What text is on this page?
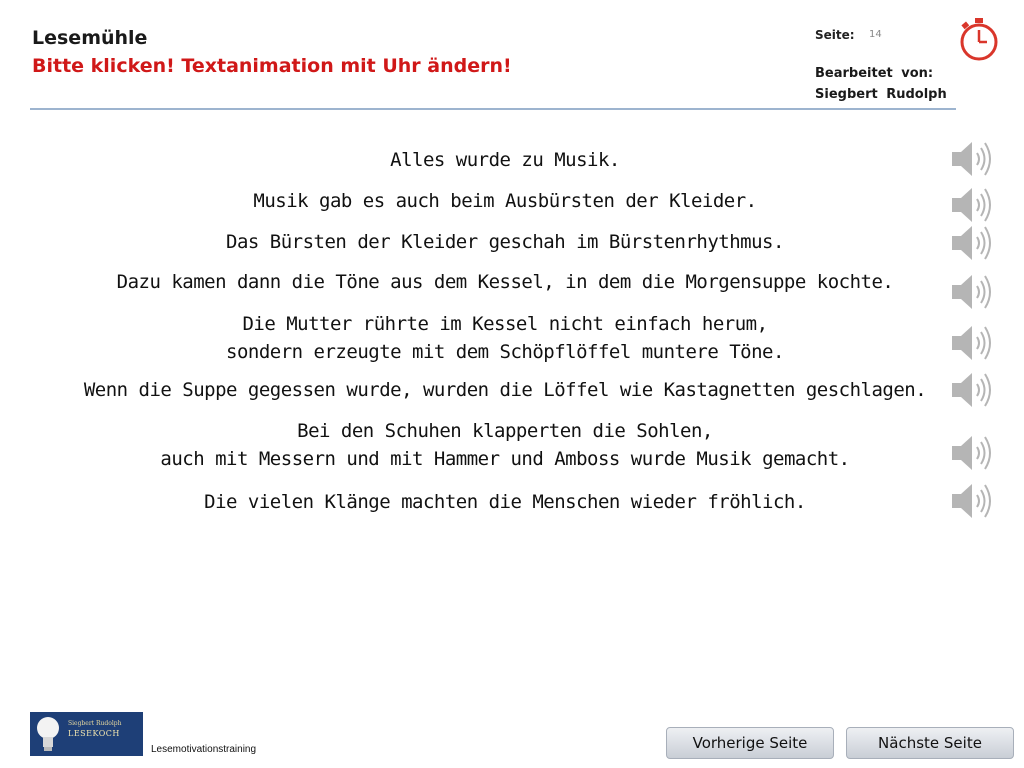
Lesemühle
Bitte klicken! Textanimation mit Uhr ändern!
Seite: 14
Bearbeitet von:
Siegbert Rudolph
Alles wurde zu Musik.
Musik gab es auch beim Ausbürsten der Kleider.
Das Bürsten der Kleider geschah im Bürstenrhythmus.
Dazu kamen dann die Töne aus dem Kessel, in dem die Morgensuppe kochte.
Die Mutter rührte im Kessel nicht einfach herum,
sondern erzeugte mit dem Schöpflöffel muntere Töne.
Wenn die Suppe gegessen wurde, wurden die Löffel wie Kastagnetten geschlagen.
Bei den Schuhen klapperten die Sohlen,
auch mit Messern und mit Hammer und Amboss wurde Musik gemacht.
Die vielen Klänge machten die Menschen wieder fröhlich.
Siegbert Rudolph
LESEKOCH
Lesemotivationstraining	Vorherige Seite	Nächste Seite
